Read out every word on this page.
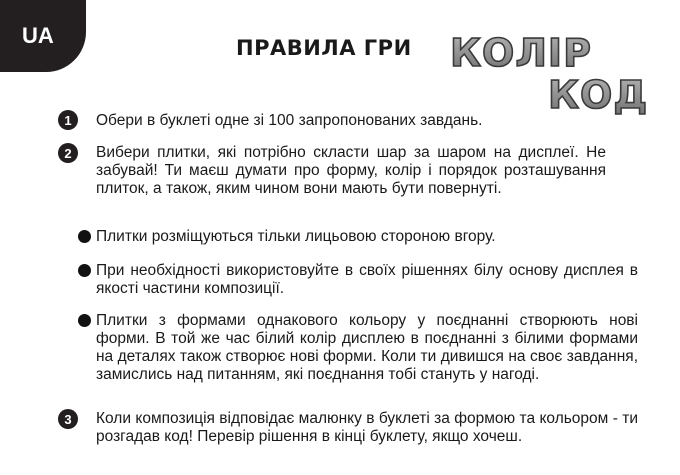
UA	ПРАВИЛА ГРИ КОЛІР
КОД
1	Обери в буклеті одне зі 100 запропонованих завдань.
2	Вибери плитки, які потрібно скласти шар за шаром на дисплеї. Не забувай! Ти маєш думати про форму, колір і порядок розташування плиток, а також, яким чином вони мають бути повернуті.
Плитки розміщуються тільки лицьовою стороною вгору.
При необхідності використовуйте в своїх рішеннях білу основу дисплея в якості частини композиції.
Плитки з формами однакового кольору у поєднанні створюють нові форми. В той же час білий колір дисплею в поєднанні з білими формами на деталях також створює нові форми. Коли ти дивишся на своє завдання, замислись над питанням, які поєднання тобі стануть у нагоді.
3	Коли композиція відповідає малюнку в буклеті за формою та кольором - ти розгадав код! Перевір рішення в кінці буклету, якщо хочеш.
